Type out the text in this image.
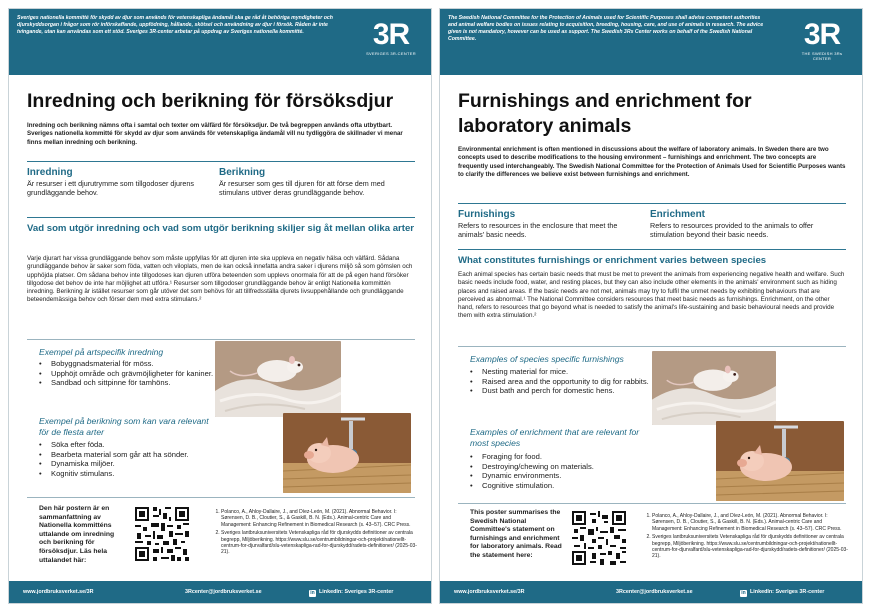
Sveriges nationella kommitté för skydd av djur som används för vetenskapliga ändamål ska ge råd åt behöriga myndigheter och djurskyddsorgan i frågor som rör införskaffande, uppfödning, hållande, skötsel och användning av djur i försök. Råden är inte tvingande, utan kan användas som ett stöd. Sveriges 3R-center arbetar på uppdrag av Sveriges nationella kommitté.	3R
SVERIGES 3R-CENTER
Inredning och berikning för försöksdjur
Inredning och berikning nämns ofta i samtal och texter om välfärd för försöksdjur. De två begreppen används ofta utbytbart. Sveriges nationella kommitté för skydd av djur som används för vetenskapliga ändamål vill nu tydliggöra de skillnader vi menar finns mellan inredning och berikning.
Inredning
Är resurser i ett djurutrymme som tillgodoser djurens grundläggande behov.
Berikning
Är resurser som ges till djuren för att förse dem med stimulans utöver deras grundläggande behov.
Vad som utgör inredning och vad som utgör berikning skiljer sig åt mellan olika arter
Varje djurart har vissa grundläggande behov som måste uppfyllas för att djuren inte ska uppleva en negativ hälsa och välfärd. Sådana grundläggande behov är saker som föda, vatten och viloplats, men de kan också innefatta andra saker i djurens miljö så som gömslen och upphöjda platser. Om sådana behov inte tillgodoses kan djuren utföra beteenden som upplevs onormala för att de på egen hand försöker tillgodose det behov de inte har möjlighet att utföra.¹ Resurser som tillgodoser grundläggande behov är enligt Nationella kommittén inredning. Berikning är istället resurser som går utöver det som behövs för att tillfredsställa djurets livsuppehållande och grundläggande beteendemässiga behov och förser dem med extra stimulans.²
Exempel på artspecifik inredning
• Bobyggnadsmaterial för möss.
• Upphöjt område och grävmöjligheter för kaniner.
• Sandbad och sittpinne för tamhöns.
Exempel på berikning som kan vara relevant för de flesta arter
• Söka efter föda.
• Bearbeta material som går att ha sönder.
• Dynamiska miljöer.
• Kognitiv stimulans.
Den här postern är en sammanfattning av Nationella kommitténs uttalande om inredning och berikning för försöksdjur. Läs hela uttalandet här:
1. Polanco, A., Ahloy-Dallaire, J., and Díez-León, M. (2021). Abnormal Behavior. I: Sørensen, D. B., Cloutier, S., & Gaskill, B. N. (Eds.). Animal-centric Care and Management: Enhancing Refinement in Biomedical Research (s. 43–57). CRC Press.
2. Sveriges lantbruksuniversitets Vetenskapliga råd för djurskydds definitioner av centrala begrepp, Miljöberikning. https://www.slu.se/centrumbildningar-och-projekt/nationellt-centrum-for-djurvalfard/slu-vetenskapliga-rad-for-djurskydd/radets-definitioner/ (2025-03-21).
www.jordbruksverket.se/3R	3Rcenter@jordbruksverket.se	in LinkedIn: Sveriges 3R-center
The Swedish National Committee for the Protection of Animals used for Scientific Purposes shall advise competent authorities and animal welfare bodies on issues relating to acquisition, breeding, housing, care, and use of animals in research. The advice given is not mandatory, however can be used as support. The Swedish 3Rs Center works on behalf of the Swedish National Committee.	3R
THE SWEDISH 3Rs CENTER
Furnishings and enrichment for laboratory animals
Environmental enrichment is often mentioned in discussions about the welfare of laboratory animals. In Sweden there are two concepts used to describe modifications to the housing environment – furnishings and enrichment. The two concepts are frequently used interchangeably. The Swedish National Committee for the Protection of Animals Used for Scientific Purposes wants to clarify the differences we believe exist between furnishings and enrichment.
Furnishings
Refers to resources in the enclosure that meet the animals' basic needs.
Enrichment
Refers to resources provided to the animals to offer stimulation beyond their basic needs.
What constitutes furnishings or enrichment varies between species
Each animal species has certain basic needs that must be met to prevent the animals from experiencing negative health and welfare. Such basic needs include food, water, and resting places, but they can also include other elements in the animals' environment such as hiding places and raised areas. If the basic needs are not met, animals may try to fulfil the unmet needs by exhibiting behaviours that are perceived as abnormal.¹ The National Committee considers resources that meet basic needs as furnishings. Enrichment, on the other hand, refers to resources that go beyond what is needed to satisfy the animal's life-sustaining and basic behavioural needs and provide them with extra stimulation.²
Examples of species specific furnishings
• Nesting material for mice.
• Raised area and the opportunity to dig for rabbits.
• Dust bath and perch for domestic hens.
Examples of enrichment that are relevant for most species
• Foraging for food.
• Destroying/chewing on materials.
• Dynamic environments.
• Cognitive stimulation.
This poster summarises the Swedish National Committee's statement on furnishings and enrichment for laboratory animals. Read the statement here:
1. Polanco, A., Ahloy-Dallaire, J., and Díez-León, M. (2021). Abnormal Behavior. I: Sørensen, D. B., Cloutier, S., & Gaskill, B. N. (Eds.). Animal-centric Care and Management: Enhancing Refinement in Biomedical Research (s. 43–57). CRC Press.
2. Sveriges lantbruksuniversitets Vetenskapliga råd för djurskydds definitioner av centrala begrepp, Miljöberikning. https://www.slu.se/centrumbildningar-och-projekt/nationellt-centrum-for-djurvalfard/slu-vetenskapliga-rad-for-djurskydd/radets-definitioner/ (2025-03-21).
www.jordbruksverket.se/3R	3Rcenter@jordbruksverket.se	in LinkedIn: Sveriges 3R-center
